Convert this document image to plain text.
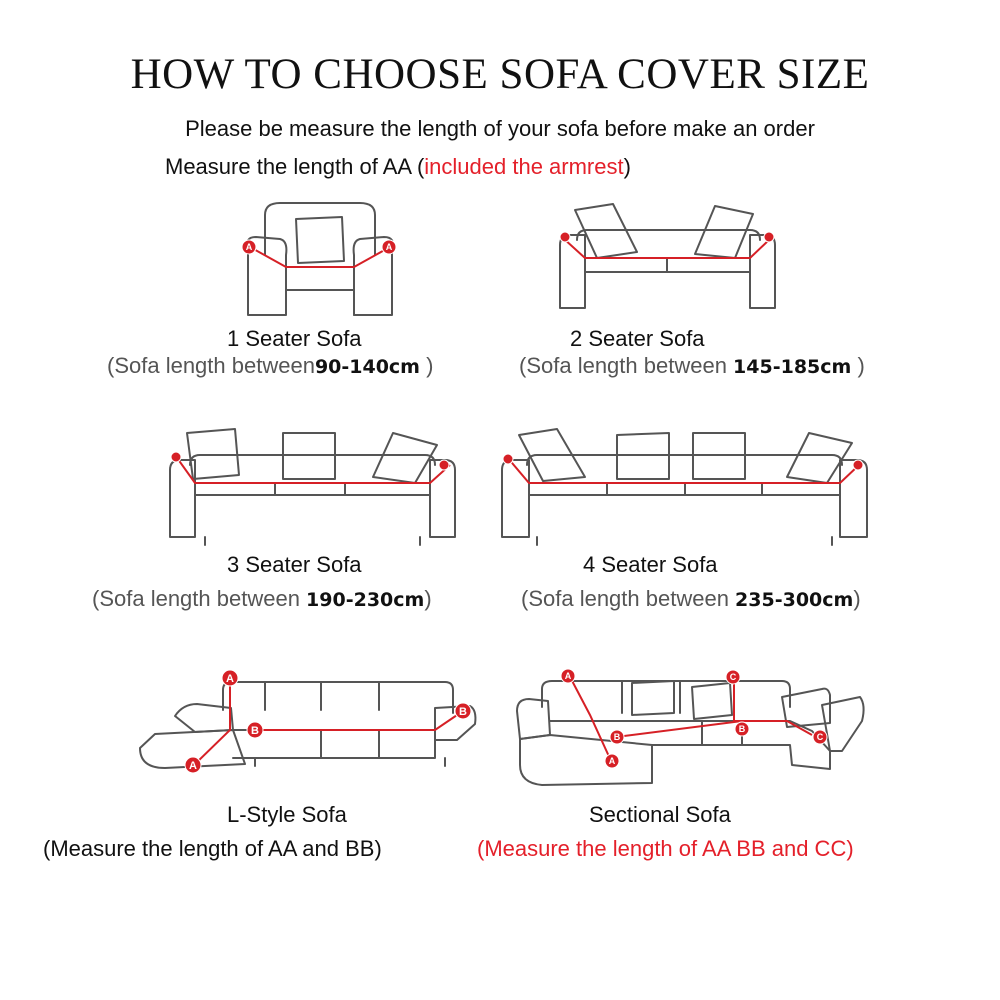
HOW TO CHOOSE SOFA COVER SIZE
Please be measure the length of your sofa before make an order
Measure the length of AA (included the armrest)
A	A
1 Seater Sofa
(Sofa length between90-140cm )
2 Seater Sofa
(Sofa length between 145-185cm )
3 Seater Sofa
(Sofa length between 190-230cm)
4 Seater Sofa
(Sofa length between 235-300cm)
A
A
B
B
L-Style Sofa
(Measure the length of AA and BB)
A
A
B
B
C
C
Sectional Sofa
(Measure the length of AA BB and CC)
